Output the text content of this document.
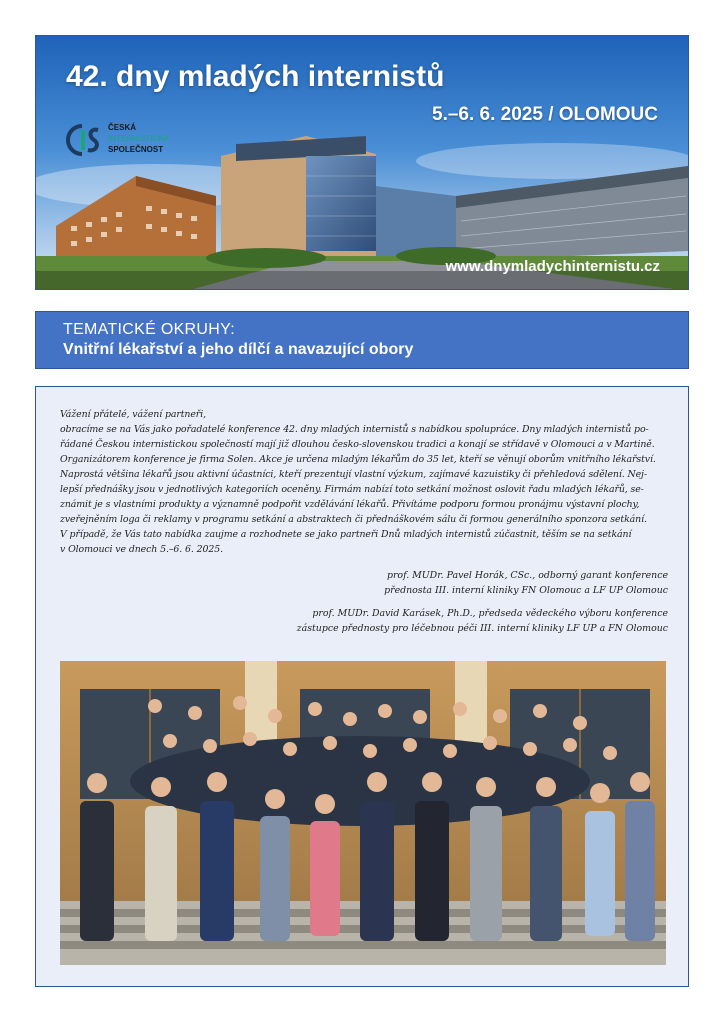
42. dny mladých internistů
5.–6. 6. 2025 / OLOMOUC
ČESKÁ
INTERNISTICKÁ
SPOLEČNOST
www.dnymladychinternistu.cz
TEMATICKÉ OKRUHY:
Vnitřní lékařství a jeho dílčí a navazující obory

Vážení přátelé, vážení partneři,

obracíme se na Vás jako pořadatelé konference 42. dny mladých internistů s nabídkou spolupráce. Dny mladých internistů po-

řádané Českou internistickou společností mají již dlouhou česko-slovenskou tradici a konají se střídavě v Olomouci a v Martině.

Organizátorem konference je firma Solen. Akce je určena mladým lékařům do 35 let, kteří se věnují oborům vnitřního lékařství.

Naprostá většina lékařů jsou aktivní účastníci, kteří prezentují vlastní výzkum, zajímavé kazuistiky či přehledová sdělení. Nej-

lepší přednášky jsou v jednotlivých kategoriích oceněny. Firmám nabízí toto setkání možnost oslovit řadu mladých lékařů, se-

známit je s vlastními produkty a významně podpořit vzdělávání lékařů. Přivítáme podporu formou pronájmu výstavní plochy,

zveřejněním loga či reklamy v programu setkání a abstraktech či přednáškovém sálu či formou generálního sponzora setkání.

V případě, že Vás tato nabídka zaujme a rozhodnete se jako partneři Dnů mladých internistů zúčastnit, těším se na setkání

v Olomouci ve dnech 5.–6. 6. 2025.

prof. MUDr. Pavel Horák, CSc., odborný garant konference
přednosta III. interní kliniky FN Olomouc a LF UP Olomouc
prof. MUDr. David Karásek, Ph.D., předseda vědeckého výboru konference
zástupce přednosty pro léčebnou péči III. interní kliniky LF UP a FN Olomouc
